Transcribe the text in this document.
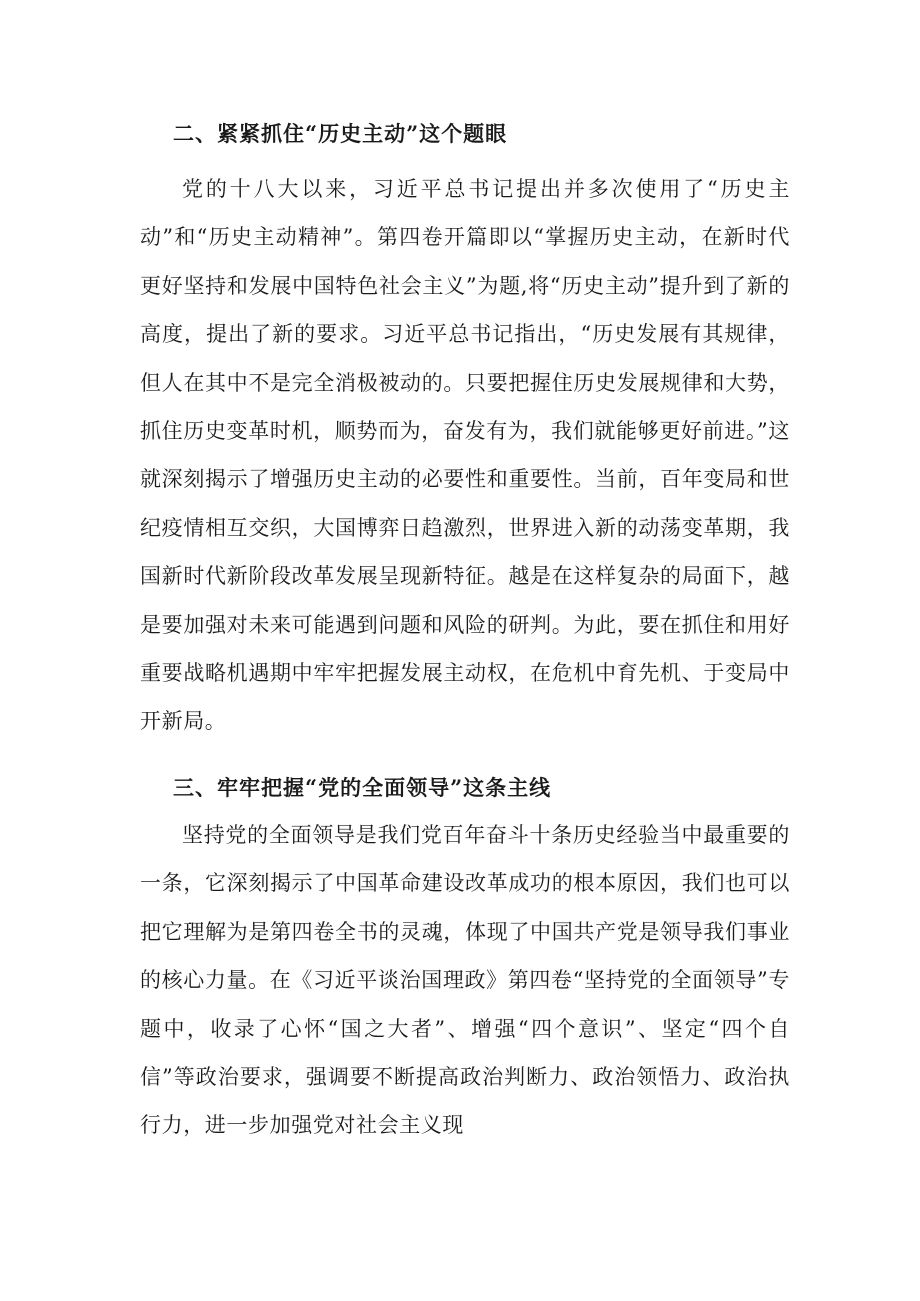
二、紧紧抓住“历史主动”这个题眼

党的十八大以来，习近平总书记提出并多次使用了“历史主动”和“历史主动精神”。第四卷开篇即以“掌握历史主动，在新时代更好坚持和发展中国特色社会主义”为题,将“历史主动”提升到了新的高度，提出了新的要求。习近平总书记指出，“历史发展有其规律，但人在其中不是完全消极被动的。只要把握住历史发展规律和大势，抓住历史变革时机，顺势而为，奋发有为，我们就能够更好前进。”这就深刻揭示了增强历史主动的必要性和重要性。当前，百年变局和世纪疫情相互交织，大国博弈日趋激烈，世界进入新的动荡变革期，我国新时代新阶段改革发展呈现新特征。越是在这样复杂的局面下，越是要加强对未来可能遇到问题和风险的研判。为此，要在抓住和用好重要战略机遇期中牢牢把握发展主动权，在危机中育先机、于变局中开新局。

三、牢牢把握“党的全面领导”这条主线

坚持党的全面领导是我们党百年奋斗十条历史经验当中最重要的一条，它深刻揭示了中国革命建设改革成功的根本原因，我们也可以把它理解为是第四卷全书的灵魂，体现了中国共产党是领导我们事业的核心力量。在《习近平谈治国理政》第四卷“坚持党的全面领导”专题中，收录了心怀“国之大者”、增强“四个意识”、坚定“四个自信”等政治要求，强调要不断提高政治判断力、政治领悟力、政治执行力，进一步加强党对社会主义现
